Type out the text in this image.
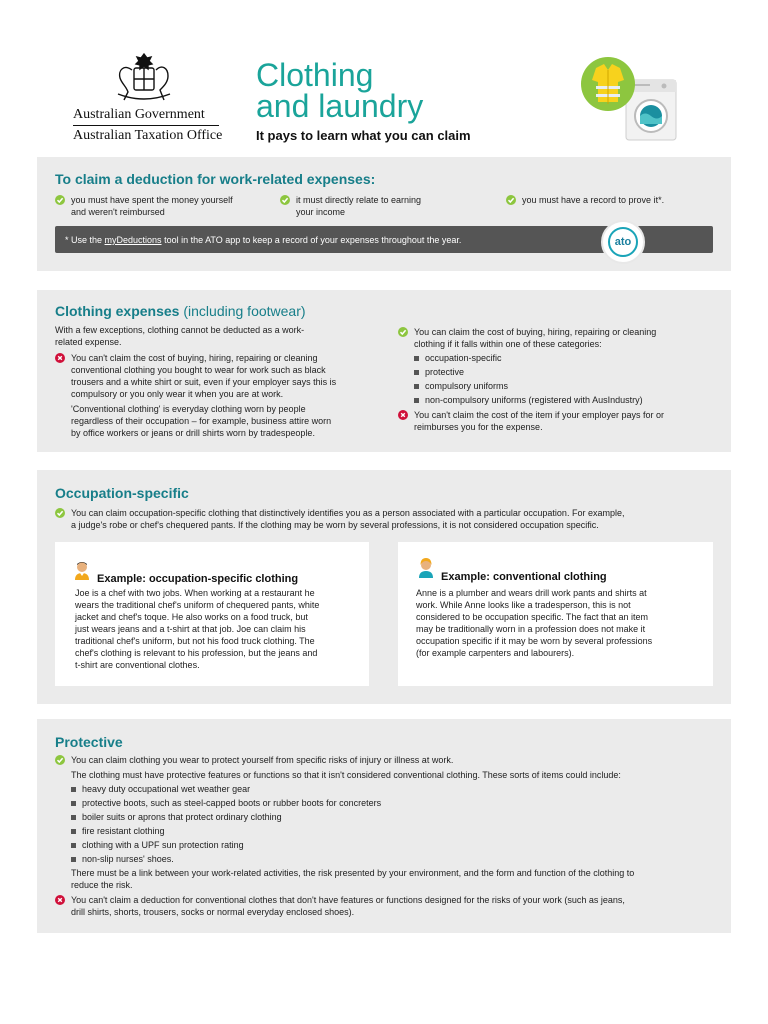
Australian Government
Australian Taxation Office
Clothing
and laundry
It pays to learn what you can claim
To claim a deduction for work-related expenses:
you must have spent the money yourself
and weren't reimbursed
it must directly relate to earning
your income
you must have a record to prove it*.
* Use the myDeductions tool in the ATO app to keep a record of your expenses throughout the year.	ato
Clothing expenses (including footwear)
With a few exceptions, clothing cannot be deducted as a work-
related expense.
You can't claim the cost of buying, hiring, repairing or cleaning
conventional clothing you bought to wear for work such as black
trousers and a white shirt or suit, even if your employer says this is
compulsory or you only wear it when you are at work.
'Conventional clothing' is everyday clothing worn by people
regardless of their occupation – for example, business attire worn
by office workers or jeans or drill shirts worn by tradespeople.
You can claim the cost of buying, hiring, repairing or cleaning
clothing if it falls within one of these categories:
occupation-specific
protective
compulsory uniforms
non-compulsory uniforms (registered with AusIndustry)
You can't claim the cost of the item if your employer pays for or
reimburses you for the expense.
Occupation-specific
You can claim occupation-specific clothing that distinctively identifies you as a person associated with a particular occupation. For example,
a judge's robe or chef's chequered pants. If the clothing may be worn by several professions, it is not considered occupation specific.
Example: occupation-specific clothing
Joe is a chef with two jobs. When working at a restaurant he
wears the traditional chef's uniform of chequered pants, white
jacket and chef's toque. He also works on a food truck, but
just wears jeans and a t-shirt at that job. Joe can claim his
traditional chef's uniform, but not his food truck clothing. The
chef's clothing is relevant to his profession, but the jeans and
t-shirt are conventional clothes.
Example: conventional clothing
Anne is a plumber and wears drill work pants and shirts at
work. While Anne looks like a tradesperson, this is not
considered to be occupation specific. The fact that an item
may be traditionally worn in a profession does not make it
occupation specific if it may be worn by several professions
(for example carpenters and labourers).
Protective
You can claim clothing you wear to protect yourself from specific risks of injury or illness at work.
The clothing must have protective features or functions so that it isn't considered conventional clothing. These sorts of items could include:
heavy duty occupational wet weather gear
protective boots, such as steel-capped boots or rubber boots for concreters
boiler suits or aprons that protect ordinary clothing
fire resistant clothing
clothing with a UPF sun protection rating
non-slip nurses' shoes.
There must be a link between your work-related activities, the risk presented by your environment, and the form and function of the clothing to
reduce the risk.
You can't claim a deduction for conventional clothes that don't have features or functions designed for the risks of your work (such as jeans,
drill shirts, shorts, trousers, socks or normal everyday enclosed shoes).
